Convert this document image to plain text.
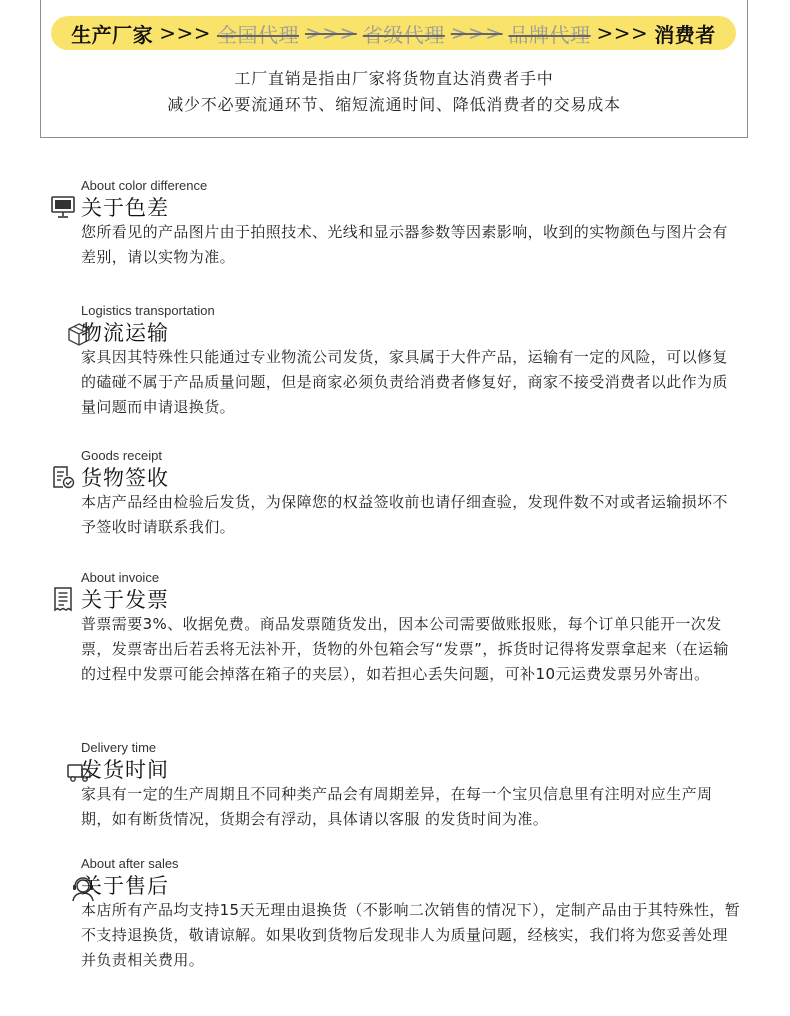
生产厂家 >>> 全国代理 >>> 省级代理 >>> 品牌代理 >>> 消费者
工厂直销是指由厂家将货物直达消费者手中
减少不必要流通环节、缩短流通时间、降低消费者的交易成本
About color difference
关于色差
您所看见的产品图片由于拍照技术、光线和显示器参数等因素影响，收到的实物颜色与图片会有差别，请以实物为准。
Logistics transportation
物流运输
家具因其特殊性只能通过专业物流公司发货，家具属于大件产品，运输有一定的风险，可以修复的磕碰不属于产品质量问题，但是商家必须负责给消费者修复好，商家不接受消费者以此作为质量问题而申请退换货。
Goods receipt
货物签收
本店产品经由检验后发货，为保障您的权益签收前也请仔细查验，发现件数不对或者运输损坏不予签收时请联系我们。
About invoice
关于发票
普票需要3%、收据免费。商品发票随货发出，因本公司需要做账报账，每个订单只能开一次发票，发票寄出后若丢将无法补开，货物的外包箱会写“发票”，拆货时记得将发票拿起来（在运输的过程中发票可能会掉落在箱子的夹层），如若担心丢失问题，可补10元运费发票另外寄出。
Delivery time
发货时间
家具有一定的生产周期且不同种类产品会有周期差异，在每一个宝贝信息里有注明对应生产周期，如有断货情况，货期会有浮动，具体请以客服 的发货时间为准。
About after sales
关于售后
本店所有产品均支持15天无理由退换货（不影响二次销售的情况下），定制产品由于其特殊性，暂不支持退换货，敬请谅解。如果收到货物后发现非人为质量问题，经核实，我们将为您妥善处理并负责相关费用。
